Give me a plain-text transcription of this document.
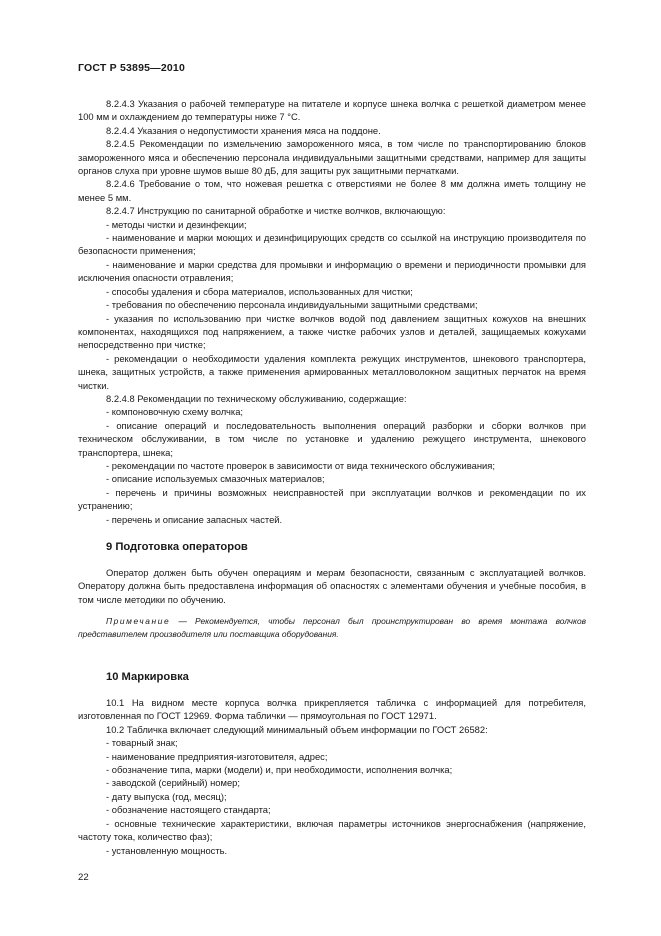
ГОСТ Р 53895—2010

8.2.4.3 Указания о рабочей температуре на питателе и корпусе шнека волчка с решеткой диаметром менее 100 мм и охлаждением до температуры ниже 7 °С.

8.2.4.4 Указания о недопустимости хранения мяса на поддоне.

8.2.4.5 Рекомендации по измельчению замороженного мяса, в том числе по транспортированию блоков замороженного мяса и обеспечению персонала индивидуальными защитными средствами, например для защиты органов слуха при уровне шумов выше 80 дБ, для защиты рук защитными перчатками.

8.2.4.6 Требование о том, что ножевая решетка с отверстиями не более 8 мм должна иметь толщину не менее 5 мм.

8.2.4.7 Инструкцию по санитарной обработке и чистке волчков, включающую:

- методы чистки и дезинфекции;

- наименование и марки моющих и дезинфицирующих средств со ссылкой на инструкцию производителя по безопасности применения;

- наименование и марки средства для промывки и информацию о времени и периодичности промывки для исключения опасности отравления;

- способы удаления и сбора материалов, использованных для чистки;

- требования по обеспечению персонала индивидуальными защитными средствами;

- указания по использованию при чистке волчков водой под давлением защитных кожухов на внешних компонентах, находящихся под напряжением, а также чистке рабочих узлов и деталей, защищаемых кожухами непосредственно при чистке;

- рекомендации о необходимости удаления комплекта режущих инструментов, шнекового транспортера, шнека, защитных устройств, а также применения армированных металловолокном защитных перчаток на время чистки.

8.2.4.8 Рекомендации по техническому обслуживанию, содержащие:

- компоновочную схему волчка;

- описание операций и последовательность выполнения операций разборки и сборки волчков при техническом обслуживании, в том числе по установке и удалению режущего инструмента, шнекового транспортера, шнека;

- рекомендации по частоте проверок в зависимости от вида технического обслуживания;

- описание используемых смазочных материалов;

- перечень и причины возможных неисправностей при эксплуатации волчков и рекомендации по их устранению;

- перечень и описание запасных частей.

9 Подготовка операторов

Оператор должен быть обучен операциям и мерам безопасности, связанным с эксплуатацией волчков. Оператору должна быть предоставлена информация об опасностях с элементами обучения и учебные пособия, в том числе методики по обучению.

Примечание — Рекомендуется, чтобы персонал был проинструктирован во время монтажа волчков представителем производителя или поставщика оборудования.

10 Маркировка

10.1 На видном месте корпуса волчка прикрепляется табличка с информацией для потребителя, изготовленная по ГОСТ 12969. Форма таблички — прямоугольная по ГОСТ 12971.

10.2 Табличка включает следующий минимальный объем информации по ГОСТ 26582:

- товарный знак;

- наименование предприятия-изготовителя, адрес;

- обозначение типа, марки (модели) и, при необходимости, исполнения волчка;

- заводской (серийный) номер;

- дату выпуска (год, месяц);

- обозначение настоящего стандарта;

- основные технические характеристики, включая параметры источников энергоснабжения (напряжение, частоту тока, количество фаз);

- установленную мощность.

22
